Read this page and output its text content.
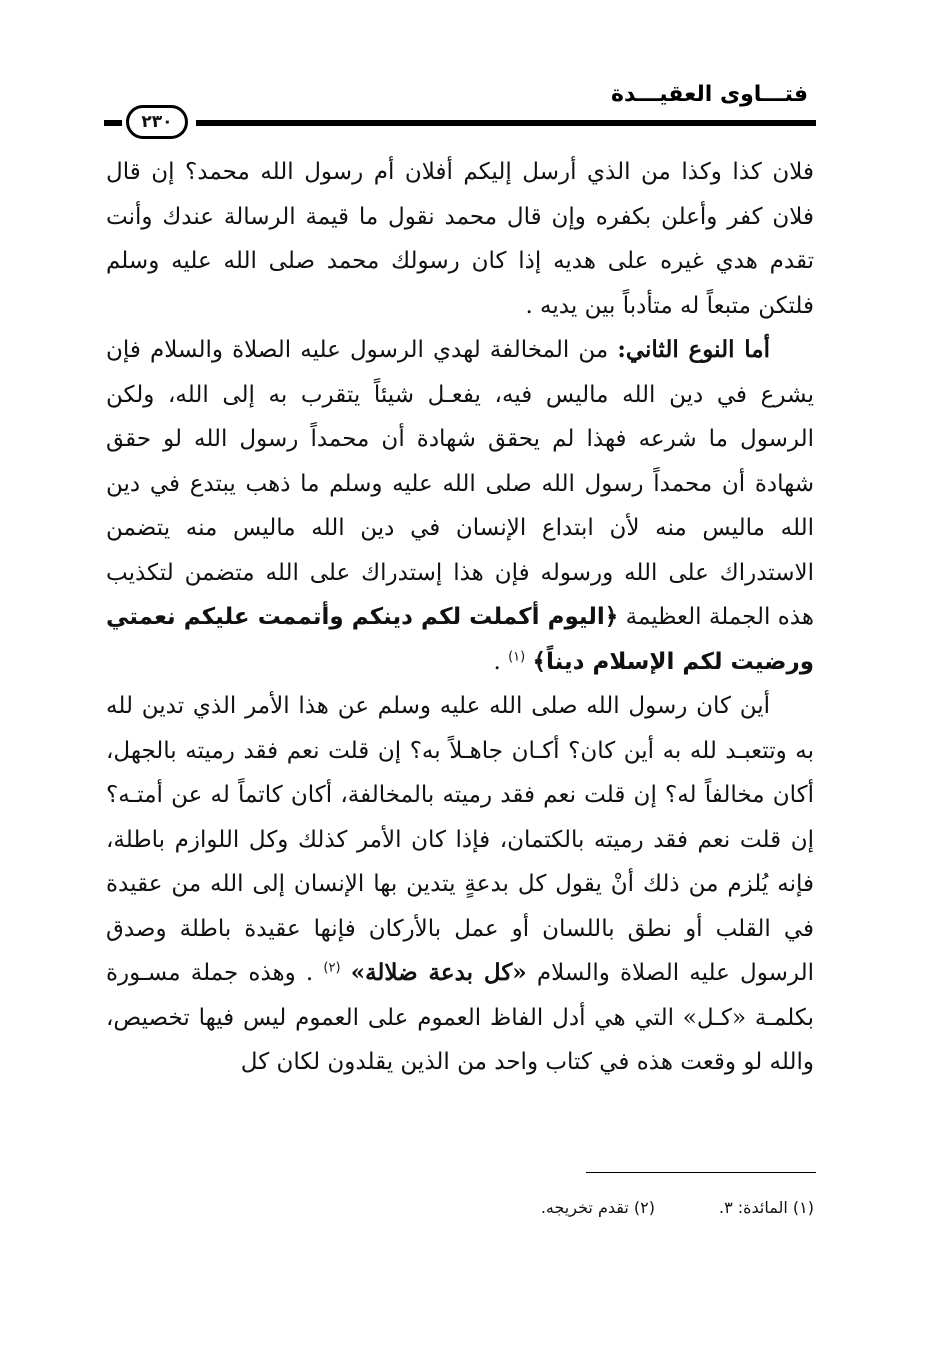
فتـــاوى العقيـــدة
٢٣٠

فلان كذا وكذا من الذي أرسل إليكم أفلان أم رسول الله محمد؟ إن قال فلان كفر وأعلن بكفره وإن قال محمد نقول ما قيمة الرسالة عندك وأنت تقدم هدي غيره على هديه إذا كان رسولك محمد صلى الله عليه وسلم فلتكن متبعاً له متأدباً بين يديه .

أما النوع الثاني: من المخالفة لهدي الرسول عليه الصلاة والسلام فإن يشرع في دين الله ماليس فيه، يفعـل شيئاً يتقرب به إلى الله، ولكن الرسول ما شرعه فهذا لم يحقق شهادة أن محمداً رسول الله لو حقق شهادة أن محمداً رسول الله صلى الله عليه وسلم ما ذهب يبتدع في دين الله ماليس منه لأن ابتداع الإنسان في دين الله ماليس منه يتضمن الاستدراك على الله ورسوله فإن هذا إستدراك على الله متضمن لتكذيب هذه الجملة العظيمة ﴿اليوم أكملت لكم دينكم وأتممت عليكم نعمتي ورضيت لكم الإسلام ديناً﴾ $^{(١)}$ .

أين كان رسول الله صلى الله عليه وسلم عن هذا الأمر الذي تدين لله به وتتعبـد لله به أين كان؟ أكـان جاهـلاً به؟ إن قلت نعم فقد رميته بالجهل، أكان مخالفاً له؟ إن قلت نعم فقد رميته بالمخالفة، أكان كاتماً له عن أمتـه؟ إن قلت نعم فقد رميته بالكتمان، فإذا كان الأمر كذلك وكل اللوازم باطلة، فإنه يُلزم من ذلك أنْ يقول كل بدعةٍ يتدين بها الإنسان إلى الله من عقيدة في القلب أو نطق باللسان أو عمل بالأركان فإنها عقيدة باطلة وصدق الرسول عليه الصلاة والسلام «كل بدعة ضلالة» $^{(٢)}$ . وهذه جملة مسـورة بكلمـة «كـل» التي هي أدل الفاظ العموم على العموم ليس فيها تخصيص، والله لو وقعت هذه في كتاب واحد من الذين يقلدون لكان كل

(١) المائدة: ٣.
(٢) تقدم تخريجه.
